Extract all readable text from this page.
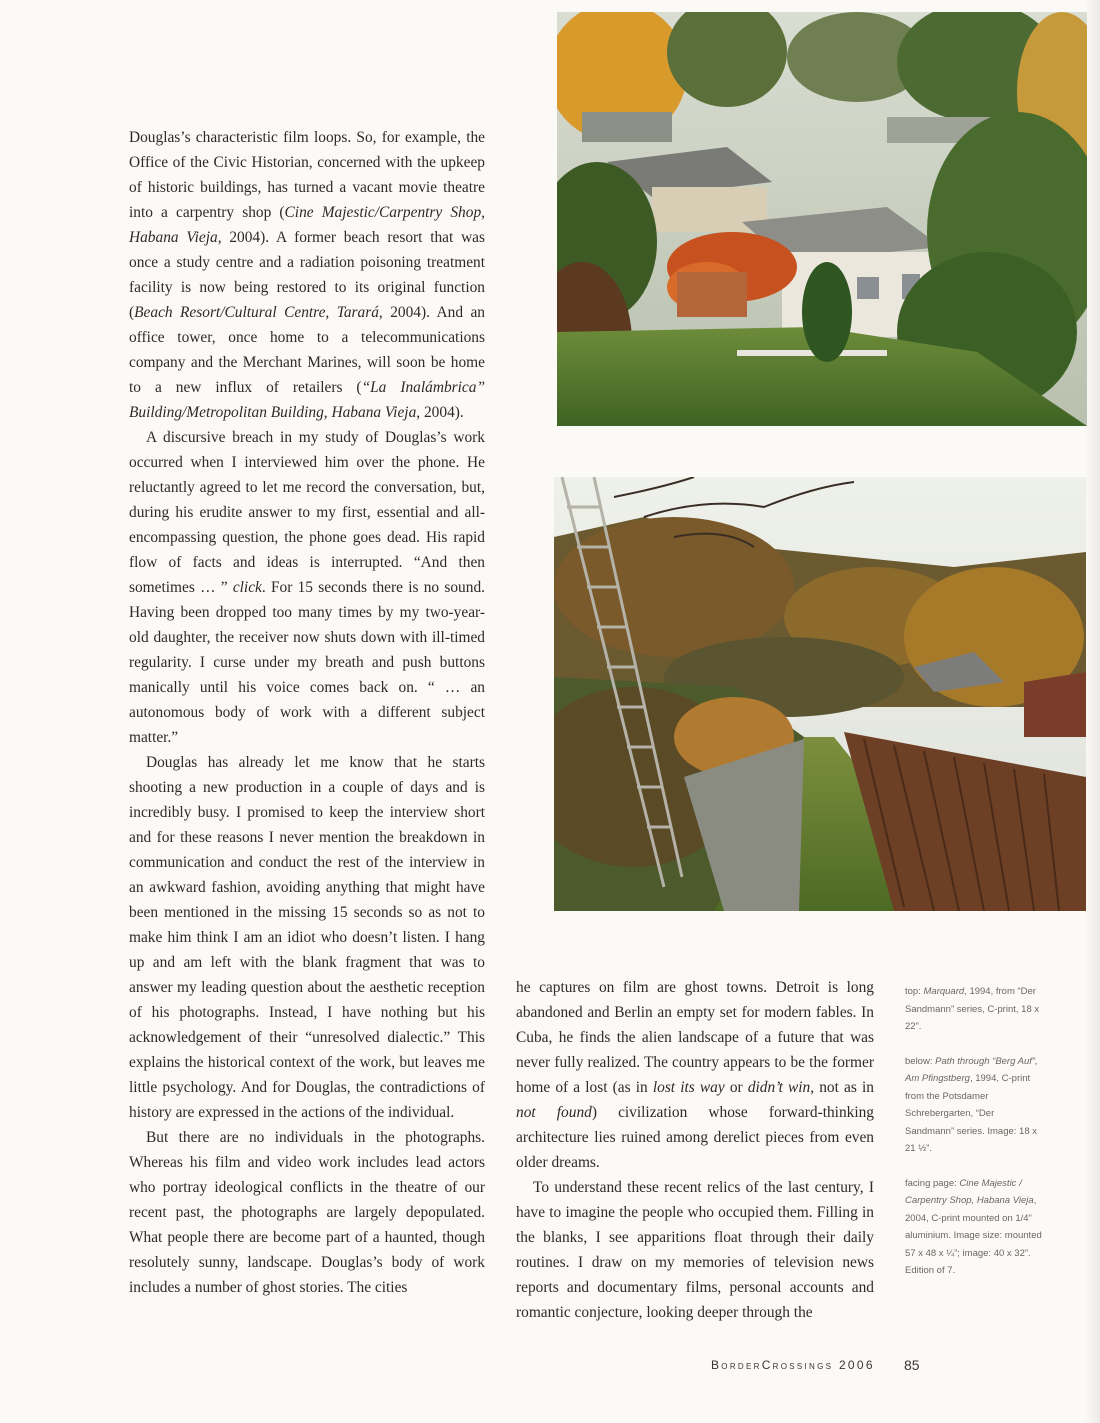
Douglas’s characteristic film loops. So, for example, the Office of the Civic Historian, concerned with the upkeep of historic buildings, has turned a vacant movie theatre into a carpentry shop (Cine Majestic/Carpentry Shop, Habana Vieja, 2004). A former beach resort that was once a study centre and a radiation poisoning treatment facility is now being restored to its original function (Beach Resort/Cultural Centre, Tarará, 2004). And an office tower, once home to a telecommunications company and the Merchant Marines, will soon be home to a new influx of retailers (“La Inalámbrica” Building/Metropolitan Building, Habana Vieja, 2004).

A discursive breach in my study of Douglas’s work occurred when I interviewed him over the phone. He reluctantly agreed to let me record the conversation, but, during his erudite answer to my first, essential and all-encompassing question, the phone goes dead. His rapid flow of facts and ideas is interrupted. “And then sometimes … ” click. For 15 seconds there is no sound. Having been dropped too many times by my two-year-old daughter, the receiver now shuts down with ill-timed regularity. I curse under my breath and push buttons manically until his voice comes back on. “ … an autonomous body of work with a different subject matter.”

Douglas has already let me know that he starts shooting a new production in a couple of days and is incredibly busy. I promised to keep the interview short and for these reasons I never mention the breakdown in communication and conduct the rest of the interview in an awkward fashion, avoiding anything that might have been mentioned in the missing 15 seconds so as not to make him think I am an idiot who doesn’t listen. I hang up and am left with the blank fragment that was to answer my leading question about the aesthetic reception of his photographs. Instead, I have nothing but his acknowledgement of their “unresolved dialectic.” This explains the historical context of the work, but leaves me little psychology. And for Douglas, the contradictions of history are expressed in the actions of the individual.

But there are no individuals in the photographs. Whereas his film and video work includes lead actors who portray ideological conflicts in the theatre of our recent past, the photographs are largely depopulated. What people there are become part of a haunted, though resolutely sunny, landscape. Douglas’s body of work includes a number of ghost stories. The cities

he captures on film are ghost towns. Detroit is long abandoned and Berlin an empty set for modern fables. In Cuba, he finds the alien landscape of a future that was never fully realized. The country appears to be the former home of a lost (as in lost its way or didn’t win, not as in not found) civilization whose forward-thinking architecture lies ruined among derelict pieces from even older dreams.

To understand these recent relics of the last century, I have to imagine the people who occupied them. Filling in the blanks, I see apparitions float through their daily routines. I draw on my memories of television news reports and documentary films, personal accounts and romantic conjecture, looking deeper through the

top: Marquard, 1994, from “Der Sandmann” series, C-print, 18 x 22”.

below: Path through “Berg Auf”, Am Pfingstberg, 1994, C-print from the Potsdamer Schrebergarten, “Der Sandmann” series. Image: 18 x 21 ½”.

facing page: Cine Majestic / Carpentry Shop, Habana Vieja, 2004, C-print mounted on 1/4” aluminium. Image size: mounted 57 x 48 x ¼”; image: 40 x 32”. Edition of 7.

BorderCrossings 2006 85
